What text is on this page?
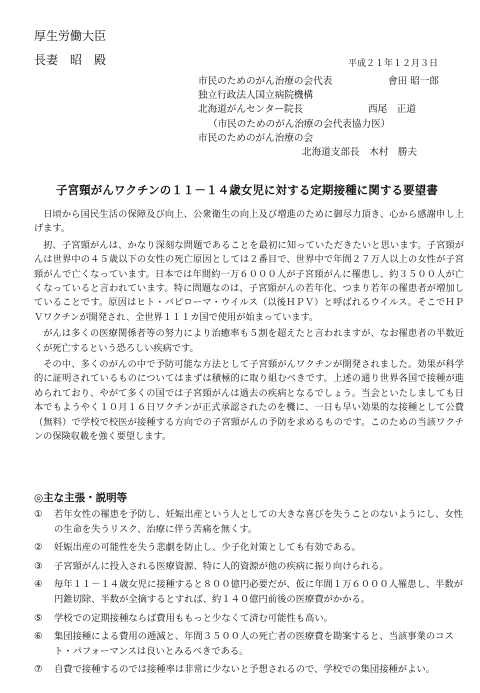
厚生労働大臣
長妻　昭　殿	平成２１年１２月３日
市民のためのがん治療の会代表	會田 昭一郎
独立行政法人国立病院機構
北海道がんセンター院長	西尾　正道
（市民のためのがん治療の会代表協力医）
市民のためのがん治療の会
北海道支部長　木村　勝夫
子宮頸がんワクチンの１１－１４歳女児に対する定期接種に関する要望書

日頃から国民生活の保障及び向上、公衆衛生の向上及び増進のために御尽力頂き、心から感謝申し上げます。

扨、子宮頸がんは、かなり深刻な問題であることを最初に知っていただきたいと思います。子宮頸がんは世界中の４５歳以下の女性の死亡原因としては２番目で、世界中で年間２７万人以上の女性が子宮頸がんで亡くなっています。日本では年間約一万６０００人が子宮頸がんに罹患し、約３５００人が亡くなっていると言われています。特に問題なのは、子宮頸がんの若年化、つまり若年の罹患者が増加していることです。原因はヒト・パピローマ・ウイルス（以後ＨＰＶ）と呼ばれるウイルス。そこでＨＰＶワクチンが開発され、全世界１１１カ国で使用が始まっています。

がんは多くの医療関係者等の努力により治癒率も５割を超えたと言われますが、なお罹患者の半数近くが死亡するという恐ろしい疾病です。

その中、多くのがんの中で予防可能な方法として子宮頸がんワクチンが開発されました。効果が科学的に証明されているものについてはまずは積極的に取り組むべきです。上述の通り世界各国で接種が進められており、やがて多くの国では子宮頸がんは過去の疾病となるでしょう。当会といたしましても日本でもようやく１０月１６日ワクチンが正式承認されたのを機に、一日も早い効果的な接種として公費（無料）で学校で校医が接種する方向での子宮頸がんの予防を求めるものです。このための当該ワクチンの保険収載を強く要望します。

◎主な主張・説明等
①	若年女性の罹患を予防し、妊娠出産という人としての大きな喜びを失うことのないようにし、女性の生命を失うリスク、治療に伴う苦痛を無くす。
②	妊娠出産の可能性を失う悲劇を防止し、少子化対策としても有効である。
③	子宮頸がんに投入される医療資源、特に人的資源が他の疾病に振り向けられる。
④	毎年１１－１４歳女児に接種すると８００億円必要だが、仮に年間１万６０００人罹患し、半数が円錐切除、半数が全摘するとすれば、約１４０億円前後の医療費がかかる。
⑤	学校での定期接種ならば費用ももっと少なくて済む可能性も高い。
⑥	集団接種による費用の逓減と、年間３５００人の死亡者の医療費を勘案すると、当該事業のコスト・パフォーマンスは良いとみるべきである。
⑦	自費で接種するのでは接種率は非常に少ないと予想されるので、学校での集団接種がよい。
